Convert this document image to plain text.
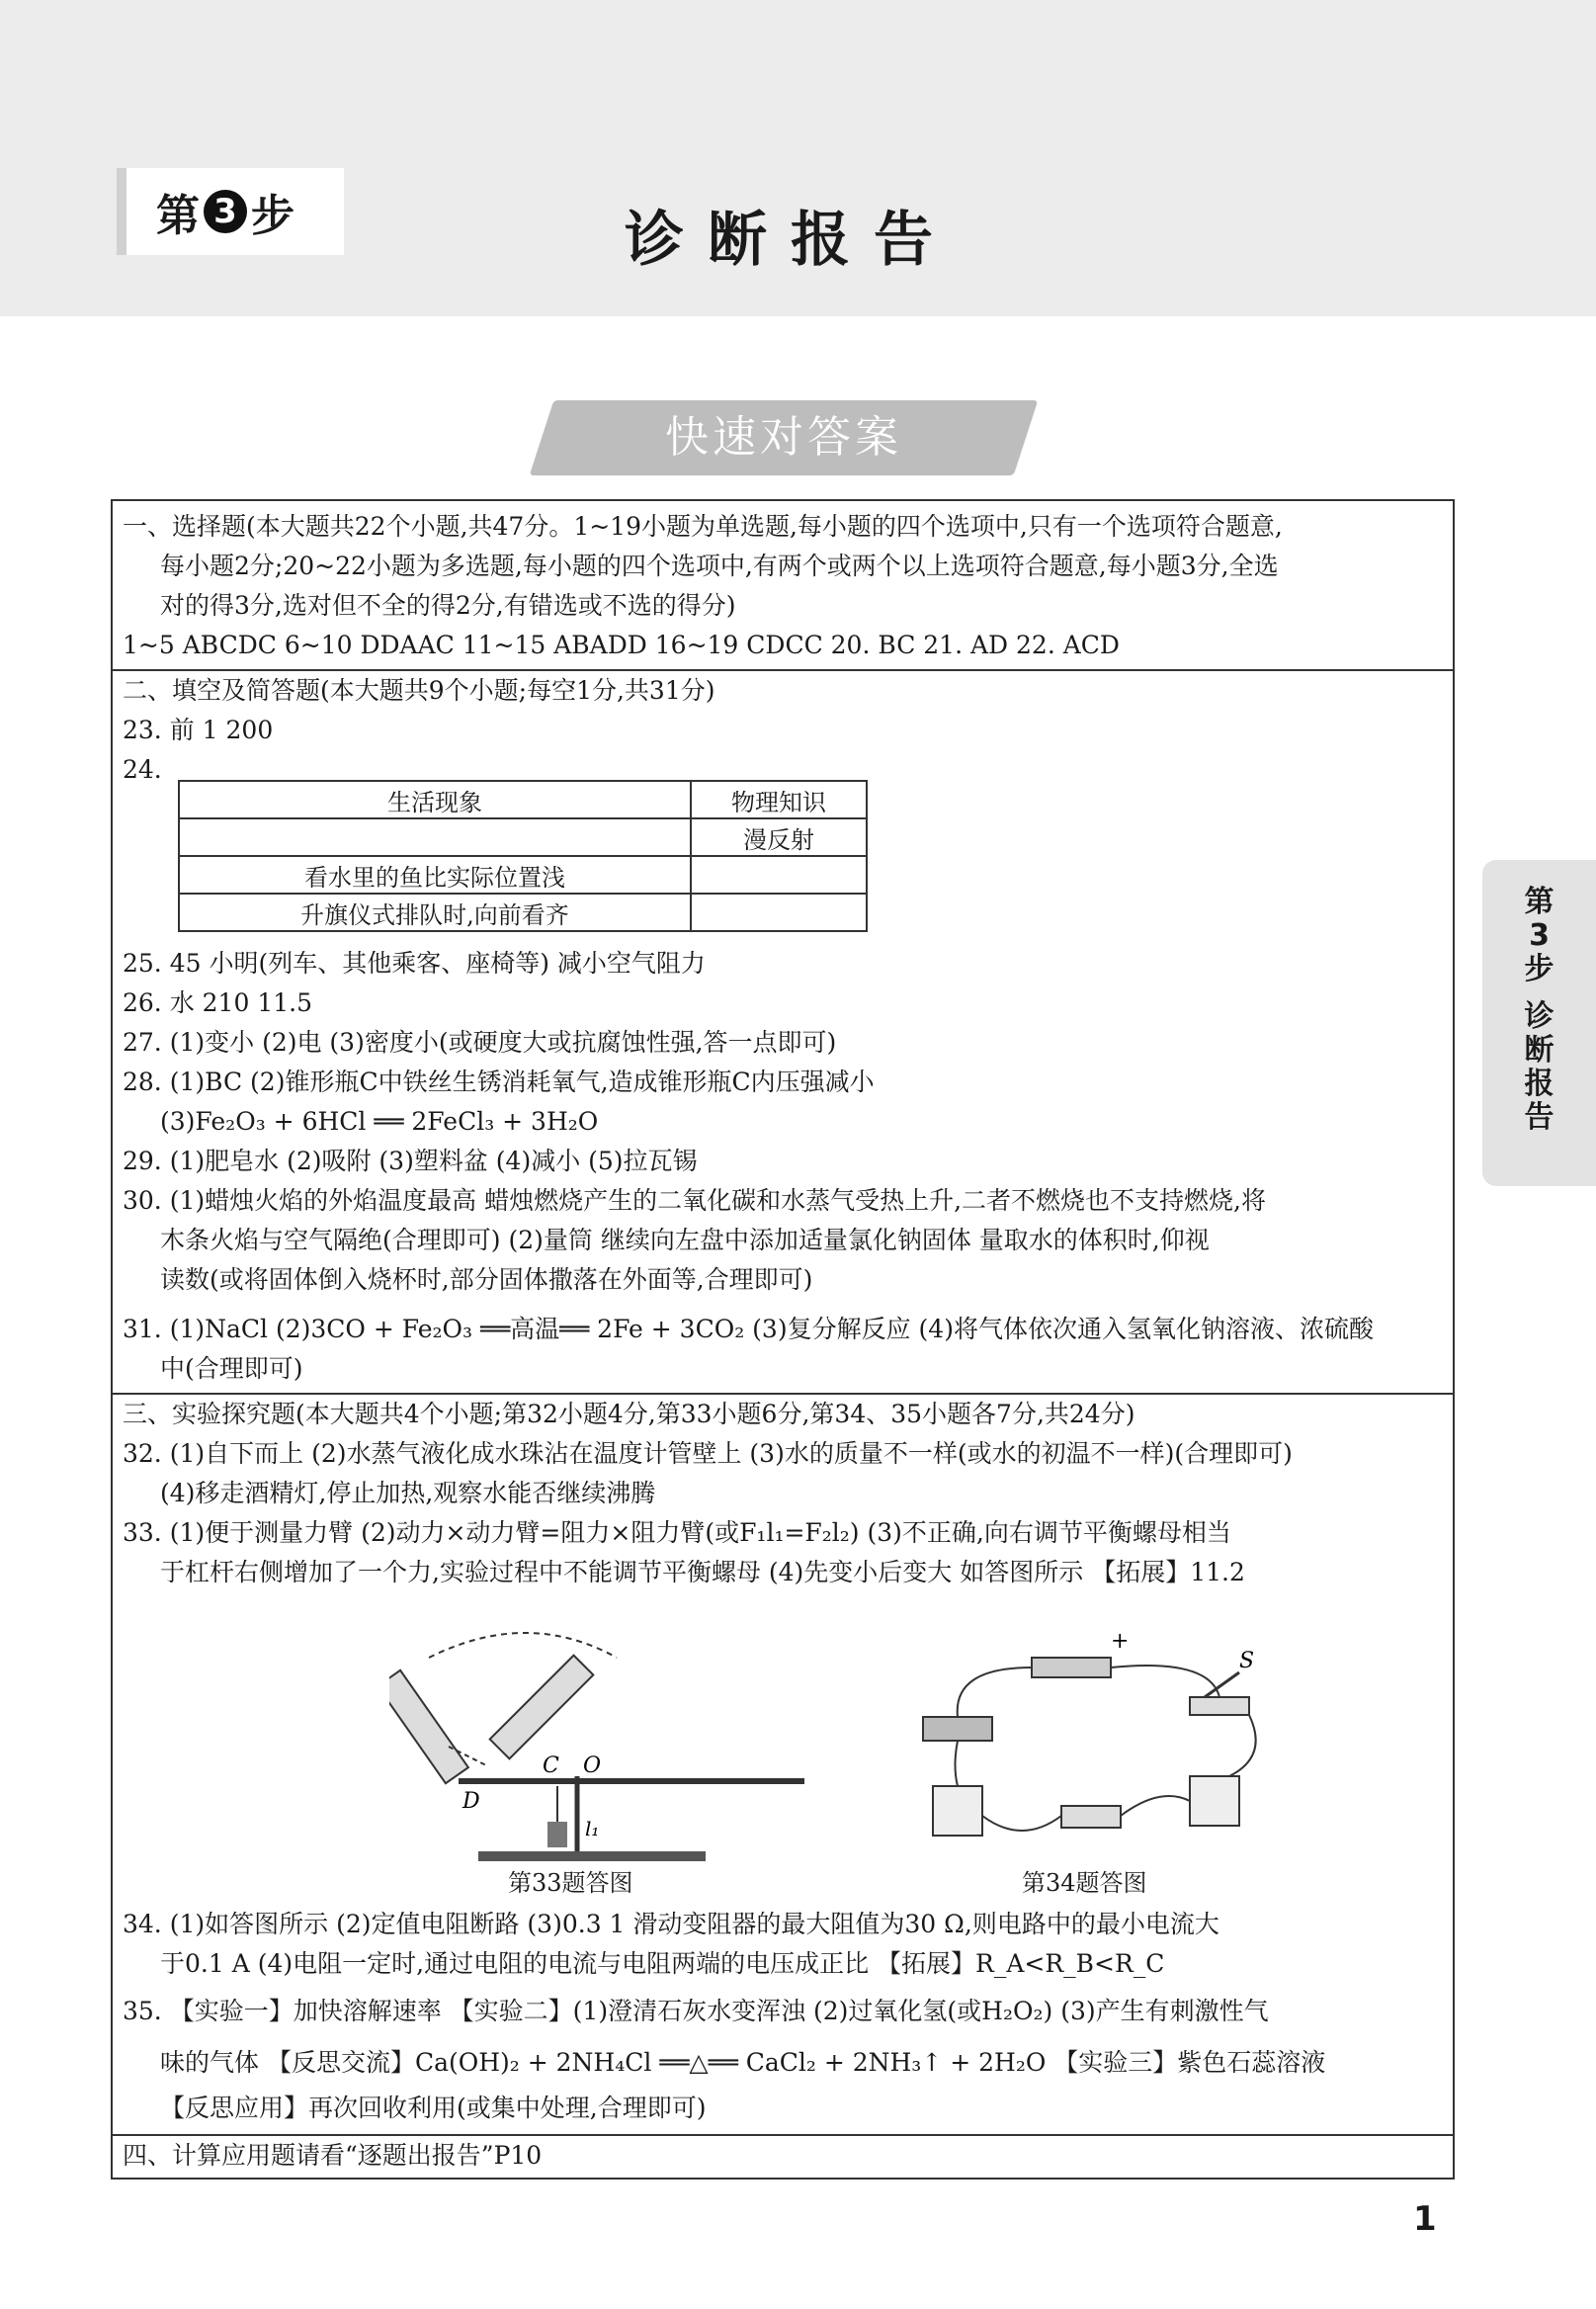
第 3 步	诊断报告
快速对答案
第3步
诊断报告
一、选择题(本大题共22个小题,共47分。1~19小题为单选题,每小题的四个选项中,只有一个选项符合题意,
每小题2分;20~22小题为多选题,每小题的四个选项中,有两个或两个以上选项符合题意,每小题3分,全选
对的得3分,选对但不全的得2分,有错选或不选的得分)
1~5 ABCDC 6~10 DDAAC 11~15 ABADD 16~19 CDCC 20. BC 21. AD 22. ACD
二、填空及简答题(本大题共9个小题;每空1分,共31分)
23. 前 1 200
24.
生活现象	物理知识
	漫反射
看水里的鱼比实际位置浅	
升旗仪式排队时,向前看齐	
25. 45 小明(列车、其他乘客、座椅等) 减小空气阻力
26. 水 210 11.5
27. (1)变小 (2)电 (3)密度小(或硬度大或抗腐蚀性强,答一点即可)
28. (1)BC (2)锥形瓶C中铁丝生锈消耗氧气,造成锥形瓶C内压强减小
(3)Fe₂O₃ + 6HCl ══ 2FeCl₃ + 3H₂O
29. (1)肥皂水 (2)吸附 (3)塑料盆 (4)减小 (5)拉瓦锡
30. (1)蜡烛火焰的外焰温度最高 蜡烛燃烧产生的二氧化碳和水蒸气受热上升,二者不燃烧也不支持燃烧,将
木条火焰与空气隔绝(合理即可) (2)量筒 继续向左盘中添加适量氯化钠固体 量取水的体积时,仰视
读数(或将固体倒入烧杯时,部分固体撒落在外面等,合理即可)
31. (1)NaCl (2)3CO + Fe₂O₃ ══高温══ 2Fe + 3CO₂ (3)复分解反应 (4)将气体依次通入氢氧化钠溶液、浓硫酸
中(合理即可)
三、实验探究题(本大题共4个小题;第32小题4分,第33小题6分,第34、35小题各7分,共24分)
32. (1)自下而上 (2)水蒸气液化成水珠沾在温度计管壁上 (3)水的质量不一样(或水的初温不一样)(合理即可)
(4)移走酒精灯,停止加热,观察水能否继续沸腾
33. (1)便于测量力臂 (2)动力×动力臂=阻力×阻力臂(或F₁l₁=F₂l₂) (3)不正确,向右调节平衡螺母相当
于杠杆右侧增加了一个力,实验过程中不能调节平衡螺母 (4)先变小后变大 如答图所示 【拓展】11.2
C O
D
l₁
第33题答图
+
S
第34题答图
34. (1)如答图所示 (2)定值电阻断路 (3)0.3 1 滑动变阻器的最大阻值为30 Ω,则电路中的最小电流大
于0.1 A (4)电阻一定时,通过电阻的电流与电阻两端的电压成正比 【拓展】R_A<R_B<R_C
35. 【实验一】加快溶解速率 【实验二】(1)澄清石灰水变浑浊 (2)过氧化氢(或H₂O₂) (3)产生有刺激性气
味的气体 【反思交流】Ca(OH)₂ + 2NH₄Cl ══△══ CaCl₂ + 2NH₃↑ + 2H₂O 【实验三】紫色石蕊溶液
【反思应用】再次回收利用(或集中处理,合理即可)
四、计算应用题请看“逐题出报告”P10
1
